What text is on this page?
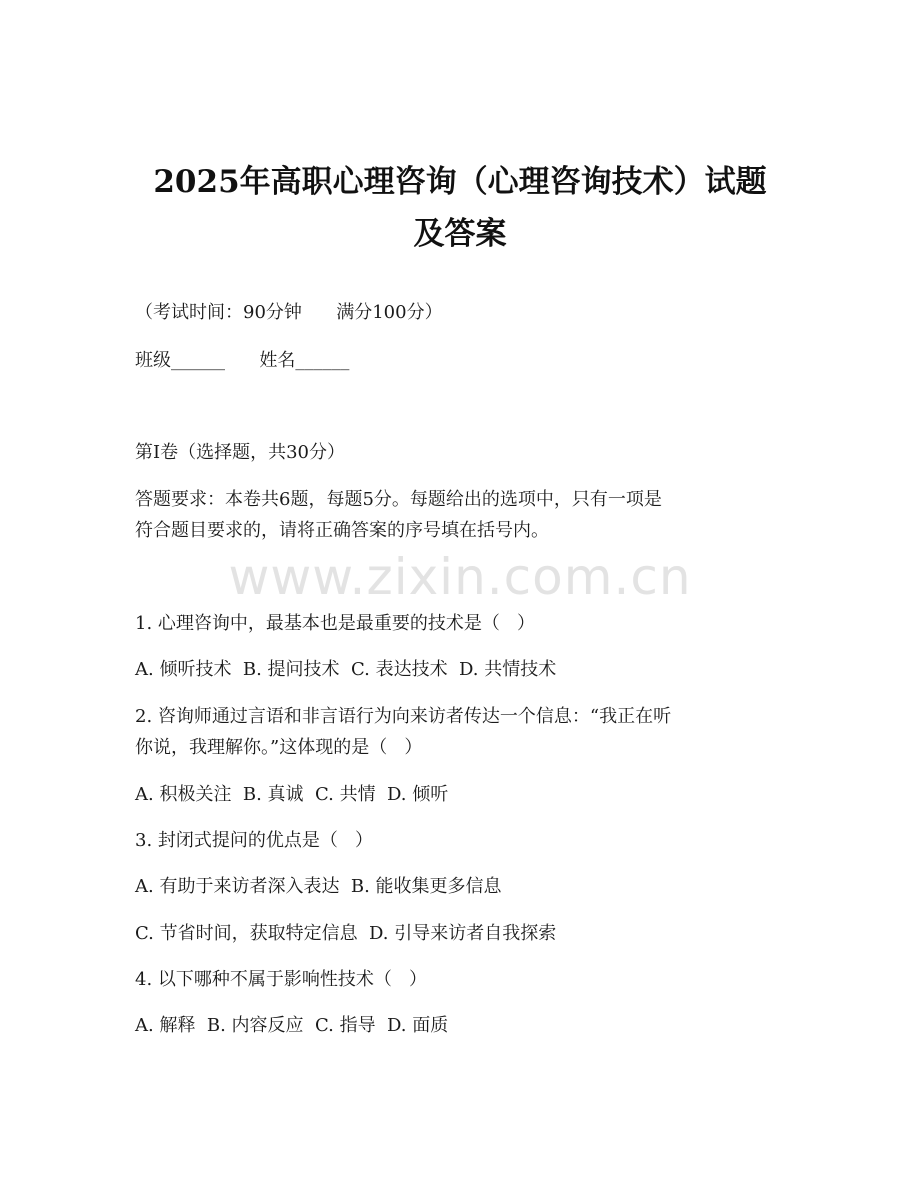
2025年高职心理咨询（心理咨询技术）试题
及答案

（考试时间：90分钟      满分100分）

班级______      姓名______

第I卷（选择题，共30分）

答题要求：本卷共6题，每题5分。每题给出的选项中，只有一项是

符合题目要求的，请将正确答案的序号填在括号内。

www.zixin.com.cn

1. 心理咨询中，最基本也是最重要的技术是（   ）

A. 倾听技术  B. 提问技术  C. 表达技术  D. 共情技术

2. 咨询师通过言语和非言语行为向来访者传达一个信息：“我正在听

你说，我理解你。”这体现的是（   ）

A. 积极关注  B. 真诚  C. 共情  D. 倾听

3. 封闭式提问的优点是（   ）

A. 有助于来访者深入表达  B. 能收集更多信息

C. 节省时间，获取特定信息  D. 引导来访者自我探索

4. 以下哪种不属于影响性技术（   ）

A. 解释  B. 内容反应  C. 指导  D. 面质
